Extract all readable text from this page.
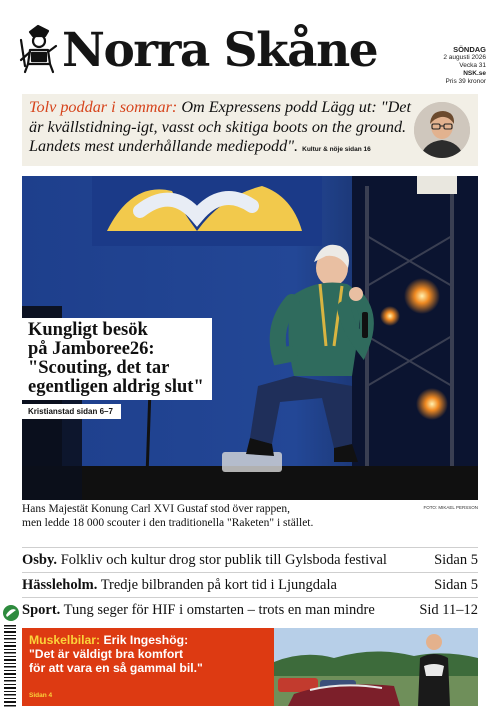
Norra Skåne	SÖNDAG
2 augusti 2026
Vecka 31
NSK.se
Pris 39 kronor

Tolv poddar i sommar: Om Expressens podd Lägg ut: "Det är kvällstidning-igt, vasst och skitiga boots on the ground. Landets mest underhållande mediepodd". Kultur & nöje sidan 16

Kungligt besök
på Jamboree26:
"Scouting, det tar
egentligen aldrig slut"
Kristianstad sidan 6–7
Hans Majestät Konung Carl XVI Gustaf stod över rappen,
men ledde 18 000 scouter i den traditionella "Raketen" i stället.
FOTO: MIKAEL PERSSON
Osby. Folkliv och kultur drog stor publik till Gylsboda festival	Sidan 5
Hässleholm. Tredje bilbranden på kort tid i Ljungdala	Sidan 5
Sport. Tung seger för HIF i omstarten – trots en man mindre	Sid 11–12
Muskelbilar: Erik Ingeshög:
"Det är väldigt bra komfort
för att vara en så gammal bil."
Sidan 4
